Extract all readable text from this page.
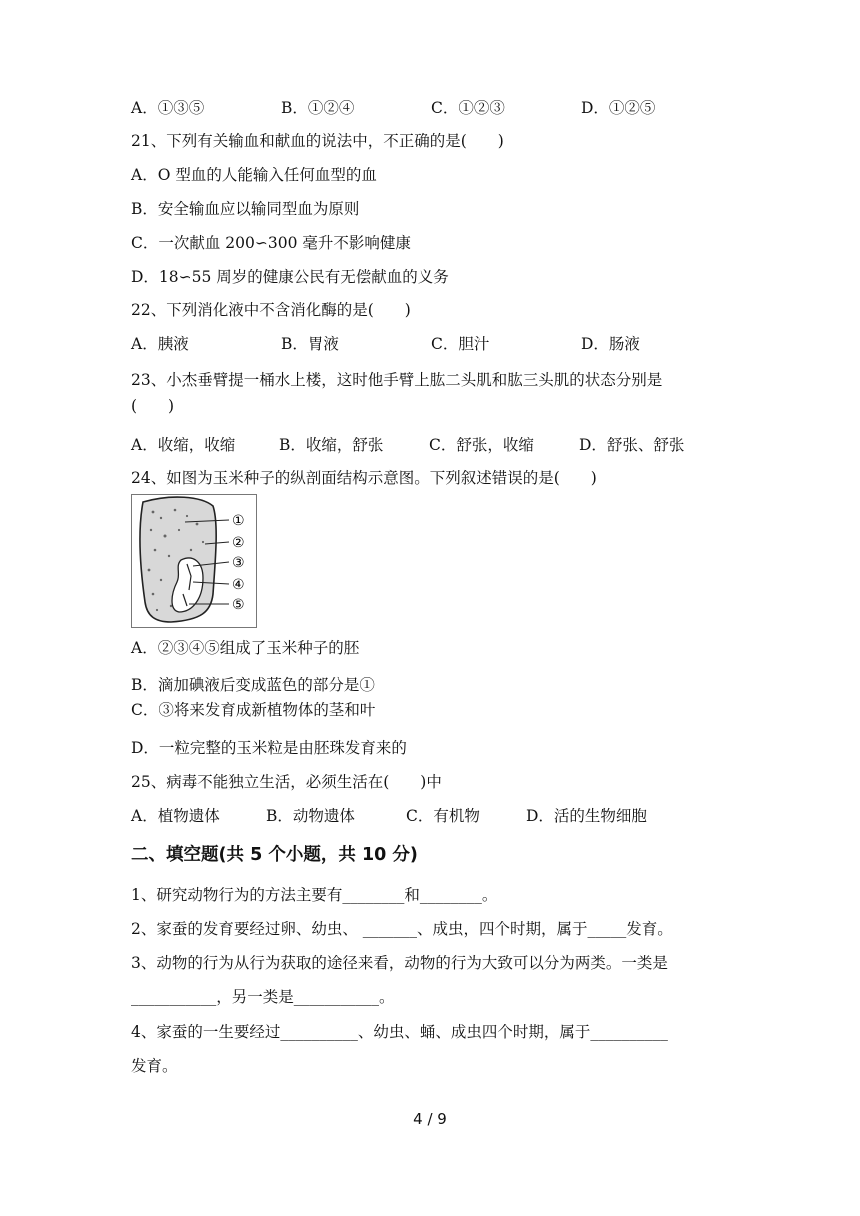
A．①③⑤	B．①②④	C．①②③	D．①②⑤
21、下列有关输血和献血的说法中，不正确的是(　　)
A．O 型血的人能输入任何血型的血
B．安全输血应以输同型血为原则
C．一次献血 200∽300 毫升不影响健康
D．18∽55 周岁的健康公民有无偿献血的义务
22、下列消化液中不含消化酶的是(　　)
A．胰液	B．胃液	C．胆汁	D．肠液
23、小杰垂臂提一桶水上楼，这时他手臂上肱二头肌和肱三头肌的状态分别是
(　　)
A．收缩，收缩	B．收缩，舒张	C．舒张，收缩	D．舒张、舒张
24、如图为玉米种子的纵剖面结构示意图。下列叙述错误的是(　　)
①
②
③
④
⑤
A．②③④⑤组成了玉米种子的胚
B．滴加碘液后变成蓝色的部分是①
C．③将来发育成新植物体的茎和叶
D．一粒完整的玉米粒是由胚珠发育来的
25、病毒不能独立生活，必须生活在(　　)中
A．植物遗体	B．动物遗体	C．有机物	D．活的生物细胞
二、填空题(共 5 个小题，共 10 分)
1、研究动物行为的方法主要有________和________。
2、家蚕的发育要经过卵、幼虫、 _______、成虫，四个时期，属于_____发育。
3、动物的行为从行为获取的途径来看，动物的行为大致可以分为两类。一类是
___________，另一类是___________。
4、家蚕的一生要经过__________、幼虫、蛹、成虫四个时期，属于__________
发育。
4 / 9
